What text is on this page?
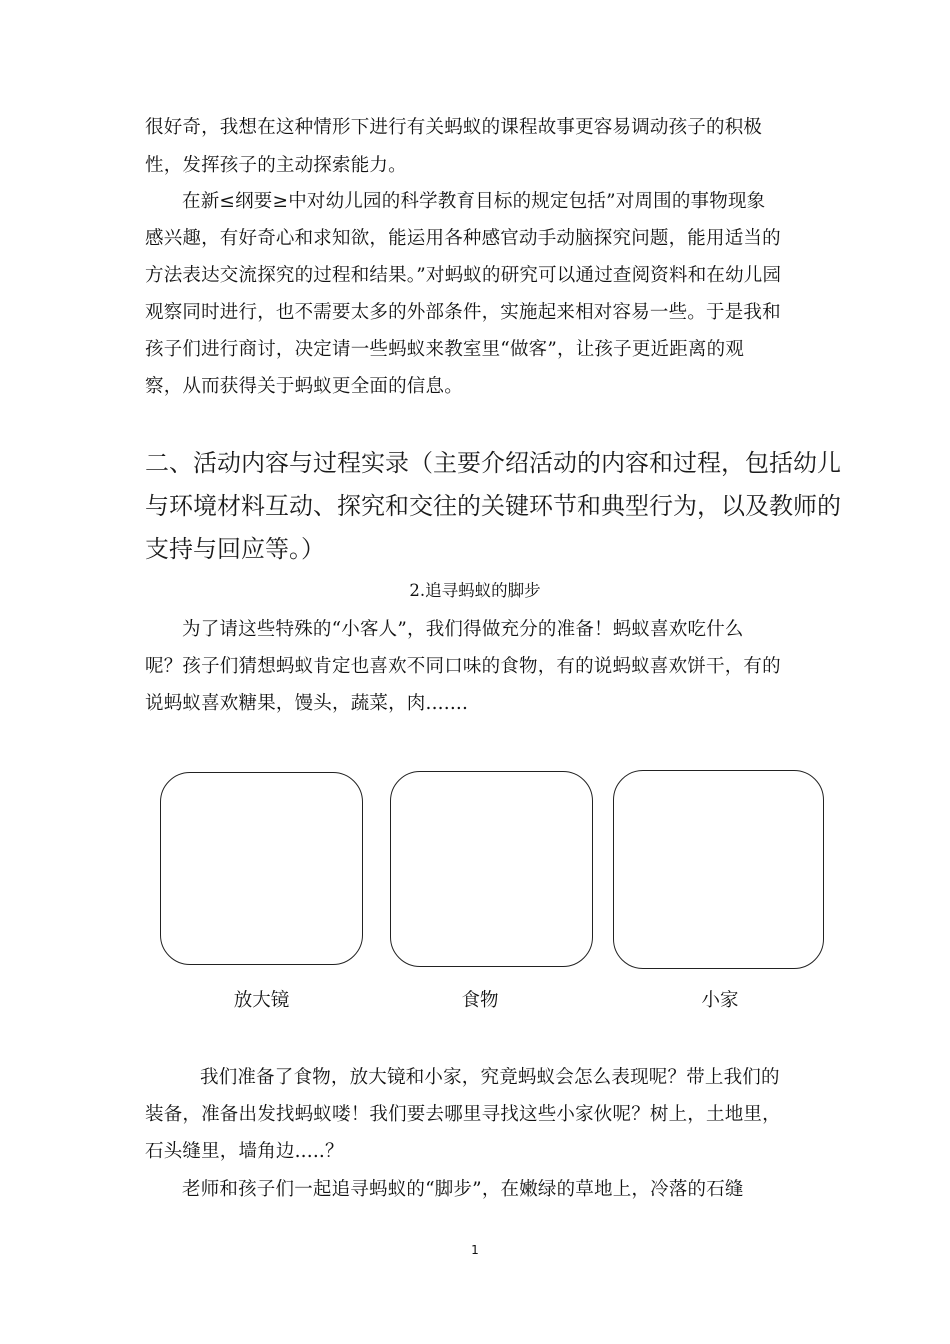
很好奇，我想在这种情形下进行有关蚂蚁的课程故事更容易调动孩子的积极
性，发挥孩子的主动探索能力。
在新≤纲要≥中对幼儿园的科学教育目标的规定包括”对周围的事物现象
感兴趣，有好奇心和求知欲，能运用各种感官动手动脑探究问题，能用适当的
方法表达交流探究的过程和结果。”对蚂蚁的研究可以通过查阅资料和在幼儿园
观察同时进行，也不需要太多的外部条件，实施起来相对容易一些。于是我和
孩子们进行商讨，决定请一些蚂蚁来教室里“做客”，让孩子更近距离的观
察，从而获得关于蚂蚁更全面的信息。
二、活动内容与过程实录（主要介绍活动的内容和过程，包括幼儿
与环境材料互动、探究和交往的关键环节和典型行为，以及教师的
支持与回应等。）
2.追寻蚂蚁的脚步
为了请这些特殊的“小客人”，我们得做充分的准备！蚂蚁喜欢吃什么
呢？孩子们猜想蚂蚁肯定也喜欢不同口味的食物，有的说蚂蚁喜欢饼干，有的
说蚂蚁喜欢糖果，馒头，蔬菜，肉.......
放大镜	食物	小家
我们准备了食物，放大镜和小家，究竟蚂蚁会怎么表现呢？带上我们的
装备，准备出发找蚂蚁喽！我们要去哪里寻找这些小家伙呢？树上，土地里，
石头缝里，墙角边.....？
老师和孩子们一起追寻蚂蚁的“脚步”，在嫩绿的草地上，冷落的石缝
1
